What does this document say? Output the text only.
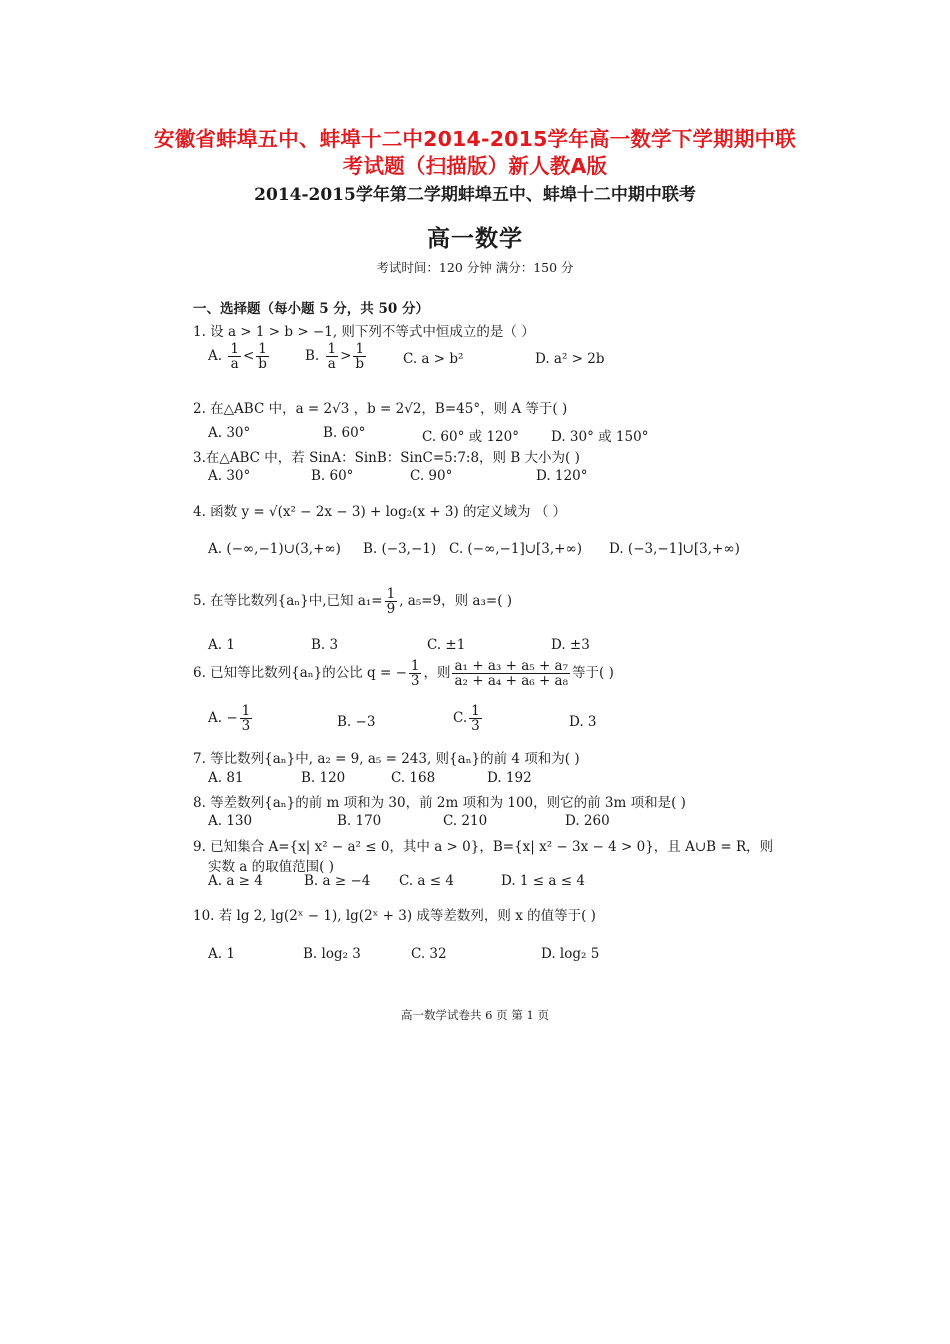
安徽省蚌埠五中、蚌埠十二中2014-2015学年高一数学下学期期中联
考试题（扫描版）新人教A版
2014-2015学年第二学期蚌埠五中、蚌埠十二中期中联考
高一数学
考试时间：120 分钟 满分：150 分
一、选择题（每小题 5 分，共 50 分）
1. 设 a > 1 > b > −1, 则下列不等式中恒成立的是（ ）
A. $\frac{1}{a} < \frac{1}{b}$	B. $\frac{1}{a} > \frac{1}{b}$	C. a > b²	D. a² > 2b
2. 在△ABC 中，a = 2√3 ，b = 2√2，B=45°，则 A 等于( )
A. 30°	B. 60°	C. 60° 或 120° D. 30° 或 150°
3.在△ABC 中，若 SinA：SinB：SinC=5:7:8，则 B 大小为( )
A. 30°	B. 60°	C. 90°	D. 120°
4. 函数 y = √(x² − 2x − 3) + log₂(x + 3) 的定义域为 （ ）
A. (−∞,−1)∪(3,+∞) B. (−3,−1) C. (−∞,−1]∪[3,+∞) D. (−3,−1]∪[3,+∞)
5. 在等比数列{aₙ}中,已知 $a_1= \frac{1}{9}$ , a₅=9，则 a₃=( )
A. 1	B. 3	C. ±1	D. ±3
6. 已知等比数列{aₙ}的公比 q = − $\frac{1}{3}$ ，则 $\frac{\text{a₁ + a₃ + a₅ + a₇}}{\text{a₂ + a₄ + a₆ + a₈}}$ 等于( )
A. − $\frac{1}{3}$	B. −3	C. $\frac{1}{3}$	D. 3
7. 等比数列{aₙ}中, a₂ = 9, a₅ = 243, 则{aₙ}的前 4 项和为( )
A. 81	B. 120	C. 168	D. 192
8. 等差数列{aₙ}的前 m 项和为 30，前 2m 项和为 100，则它的前 3m 项和是( )
A. 130	B. 170	C. 210	D. 260
9. 已知集合 A={x| x² − a² ≤ 0，其中 a > 0}，B={x| x² − 3x − 4 > 0}，且 A∪B = R，则
实数 a 的取值范围( )
A. a ≥ 4	B. a ≥ −4 C. a ≤ 4	D. 1 ≤ a ≤ 4
10. 若 lg 2, lg(2ˣ − 1), lg(2ˣ + 3) 成等差数列，则 x 的值等于( )
A. 1	B. log₂ 3	C. 32	D. log₂ 5
高一数学试卷共 6 页 第 1 页
